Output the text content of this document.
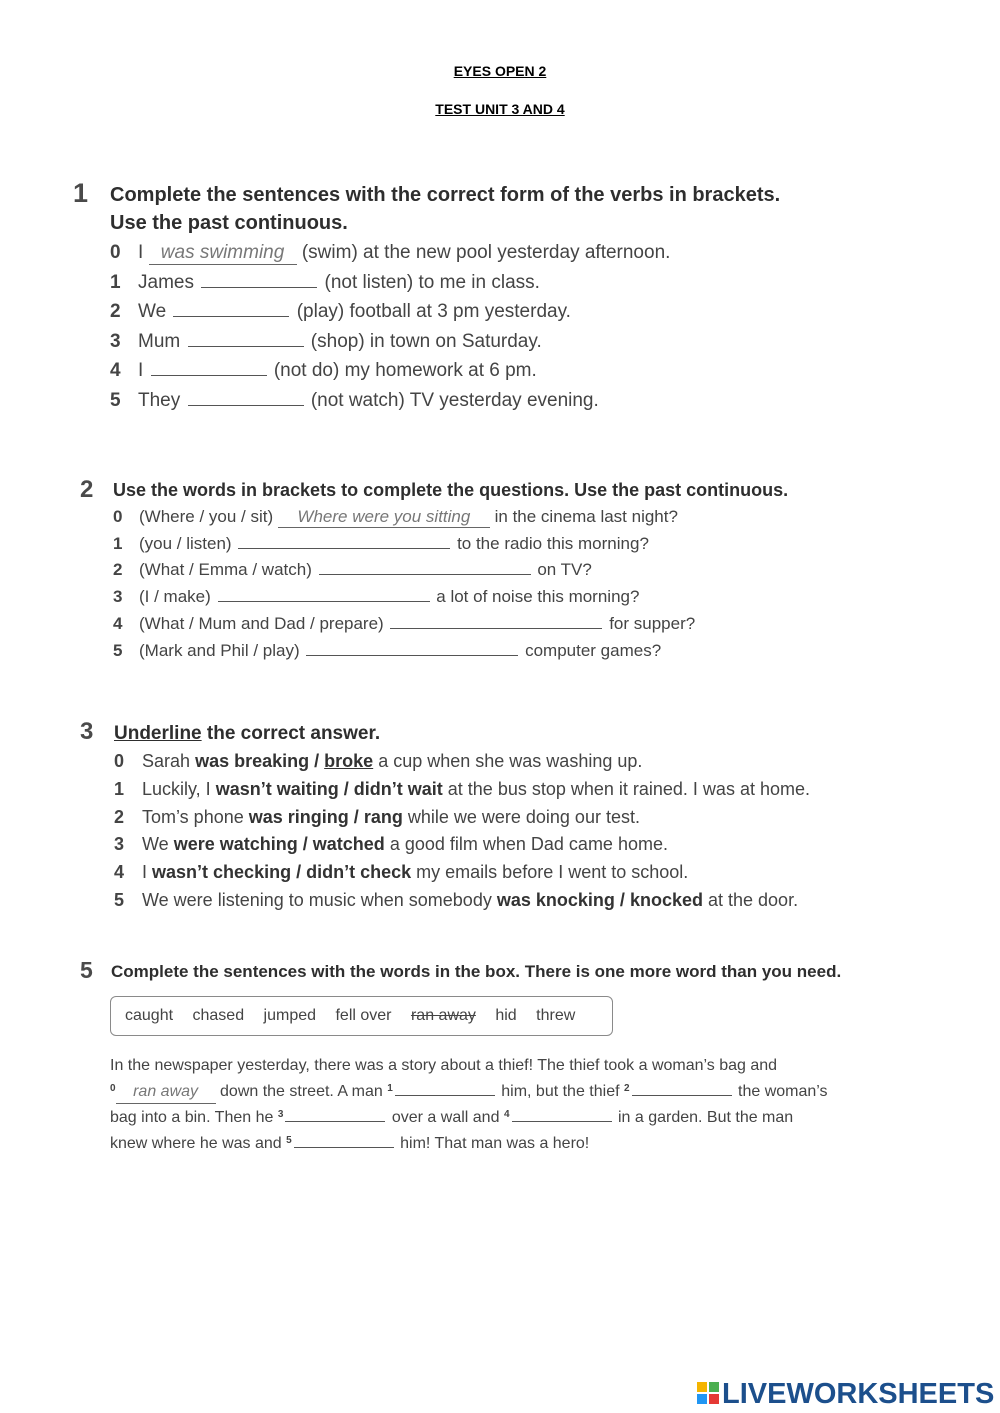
EYES OPEN 2
TEST UNIT 3 AND 4
1 Complete the sentences with the correct form of the verbs in brackets.
Use the past continuous.
0 I was swimming (swim) at the new pool yesterday afternoon.
1 James	(not listen) to me in class.
2 We	(play) football at 3 pm yesterday.
3 Mum	(shop) in town on Saturday.
4 I	(not do) my homework at 6 pm.
5 They	(not watch) TV yesterday evening.
2 Use the words in brackets to complete the questions. Use the past continuous.
0 (Where / you / sit) Where were you sitting in the cinema last night?
1 (you / listen)	to the radio this morning?
2 (What / Emma / watch)	on TV?
3 (I / make)	a lot of noise this morning?
4 (What / Mum and Dad / prepare)	for supper?
5 (Mark and Phil / play)	computer games?
3 Underline the correct answer.
0 Sarah was breaking / broke a cup when she was washing up.
1 Luckily, I wasn’t waiting / didn’t wait at the bus stop when it rained. I was at home.
2 Tom’s phone was ringing / rang while we were doing our test.
3 We were watching / watched a good film when Dad came home.
4 I wasn’t checking / didn’t check my emails before I went to school.
5 We were listening to music when somebody was knocking / knocked at the door.
5 Complete the sentences with the words in the box. There is one more word than you need.
caught chased jumped fell over ran away hid threw
In the newspaper yesterday, there was a story about a thief! The thief took a woman’s bag and
$^0$ ran away down the street. A man $^1$	him, but the thief $^2$	the woman’s
bag into a bin. Then he $^3$	over a wall and $^4$	in a garden. But the man
knew where he was and $^5$	him! That man was a hero!
LIVEWORKSHEETS
